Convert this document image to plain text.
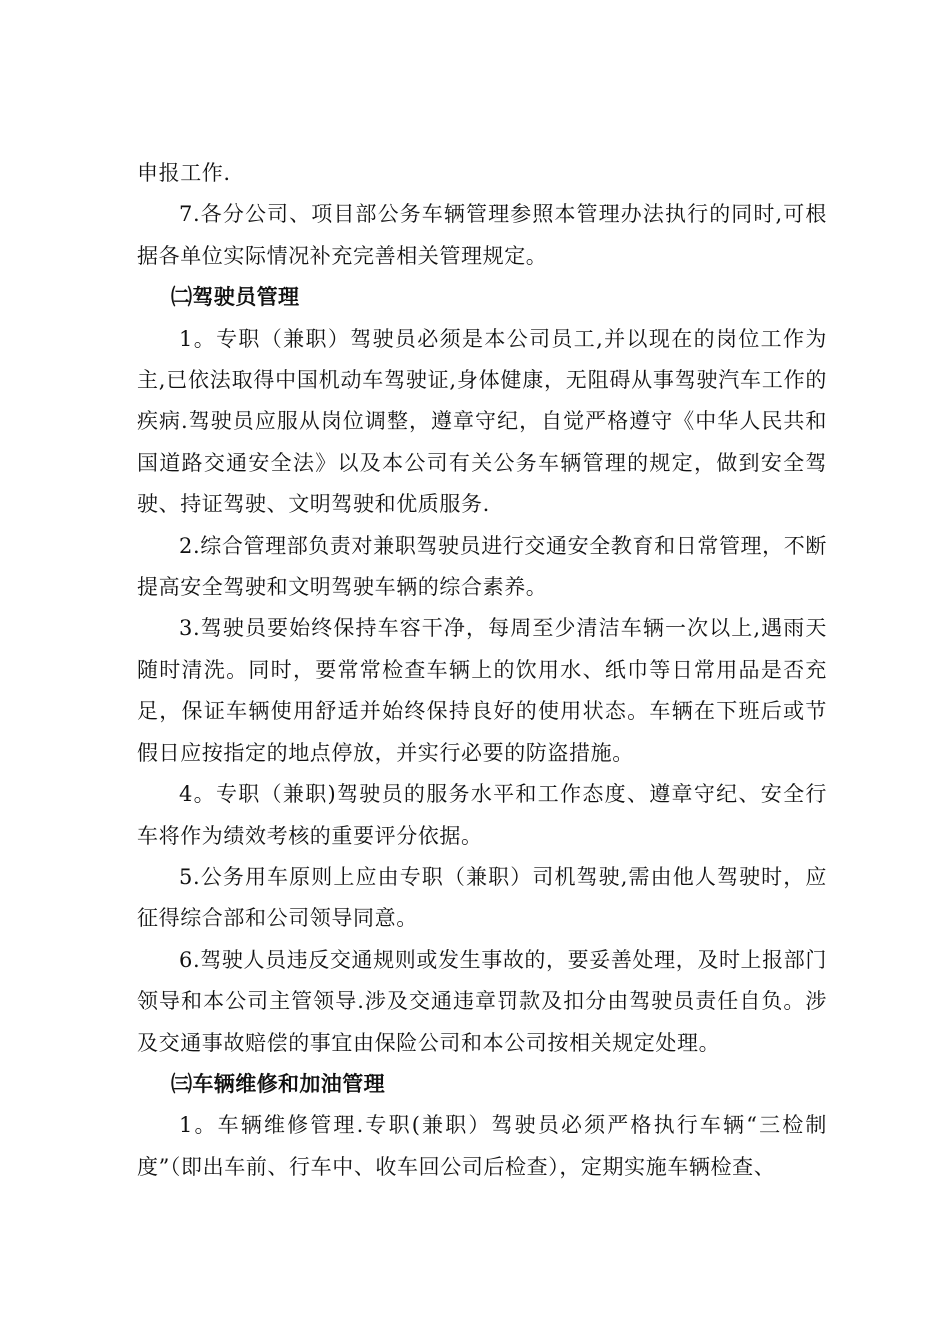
申报工作.

7.各分公司、项目部公务车辆管理参照本管理办法执行的同时,可根据各单位实际情况补充完善相关管理规定。

㈡驾驶员管理

1。专职（兼职）驾驶员必须是本公司员工,并以现在的岗位工作为主,已依法取得中国机动车驾驶证,身体健康，无阻碍从事驾驶汽车工作的疾病.驾驶员应服从岗位调整，遵章守纪，自觉严格遵守《中华人民共和国道路交通安全法》以及本公司有关公务车辆管理的规定，做到安全驾驶、持证驾驶、文明驾驶和优质服务.

2.综合管理部负责对兼职驾驶员进行交通安全教育和日常管理，不断提高安全驾驶和文明驾驶车辆的综合素养。

3.驾驶员要始终保持车容干净，每周至少清洁车辆一次以上,遇雨天随时清洗。同时，要常常检查车辆上的饮用水、纸巾等日常用品是否充足，保证车辆使用舒适并始终保持良好的使用状态。车辆在下班后或节假日应按指定的地点停放，并实行必要的防盗措施。

4。专职（兼职)驾驶员的服务水平和工作态度、遵章守纪、安全行车将作为绩效考核的重要评分依据。

5.公务用车原则上应由专职（兼职）司机驾驶,需由他人驾驶时，应征得综合部和公司领导同意。

6.驾驶人员违反交通规则或发生事故的，要妥善处理，及时上报部门领导和本公司主管领导.涉及交通违章罚款及扣分由驾驶员责任自负。涉及交通事故赔偿的事宜由保险公司和本公司按相关规定处理。

㈢车辆维修和加油管理

1。车辆维修管理.专职(兼职）驾驶员必须严格执行车辆“三检制度”（即出车前、行车中、收车回公司后检查），定期实施车辆检查、
